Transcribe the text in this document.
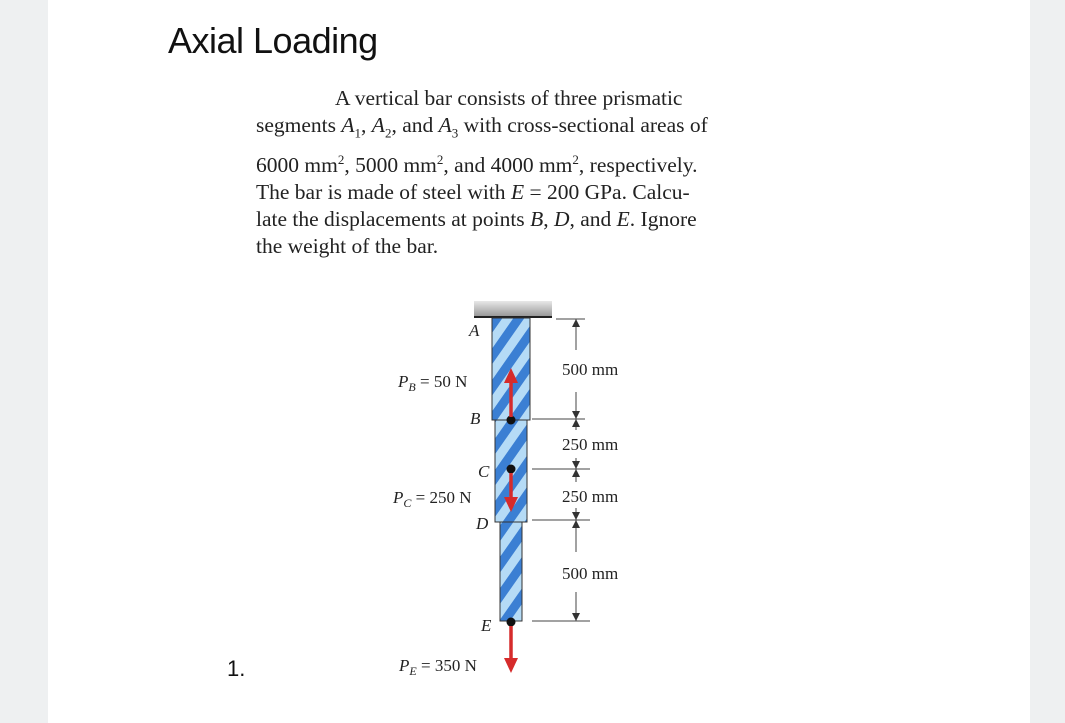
Axial Loading
A vertical bar consists of three prismatic
segments $A_1$, $A_2$, and $A_3$ with cross-sectional areas of
6000 $mm^2$, 5000 $mm^2$, and 4000 $mm^2$, respectively.
The bar is made of steel with E = 200 GPa. Calcu-
late the displacements at points B, D, and E. Ignore
the weight of the bar.
A
B
C
D
E
$P_B = 50$ N
$P_C = 250$ N
$P_E = 350$ N
500 mm
250 mm
250 mm
500 mm
1.
